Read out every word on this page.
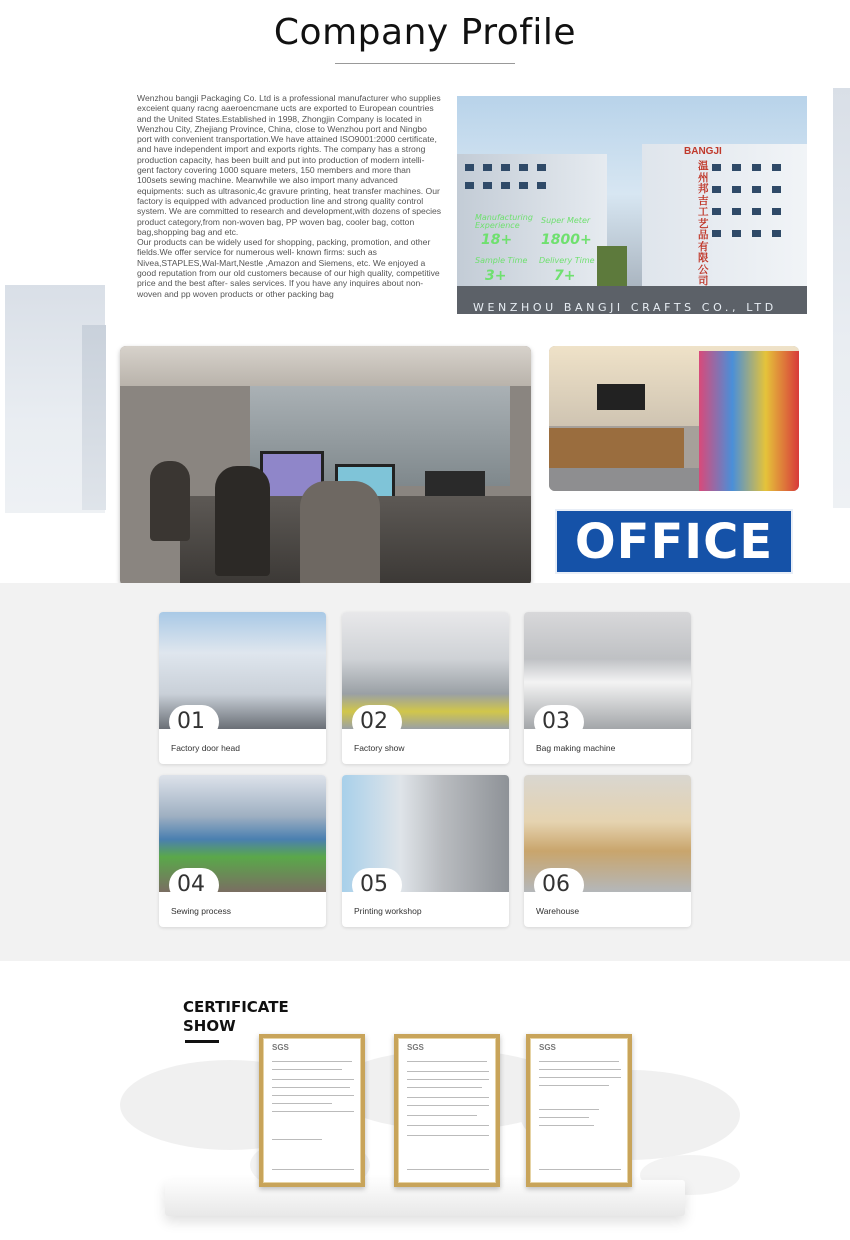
Company Profile

Wenzhou bangji Packaging Co. Ltd is a professional manufacturer who supplies exceient quany racng aaeroencmane ucts are exported to European countries and the United States.Established in 1998, Zhongjin Company is located in Wenzhou City, Zhejiang Province, China, close to Wenzhou port and Ningbo port with convenient transportation.We have attained ISO9001:2000 certificate, and have independent import and exports rights. The company has a strong production capacity, has been built and put into production of modern intelli- gent factory covering 1000 square meters, 150 members and more than 100sets sewing machine. Meanwhile we also import many advanced equipments: such as ultrasonic,4c gravure printing, heat transfer machines. Our factory is equipped with advanced production line and strong quality control system. We are committed to research and development,with dozens of species product category,from non-woven bag, PP woven bag, cooler bag, cotton bag,shopping bag and etc.

Our products can be widely used for shopping, packing, promotion, and other fields.We offer service for numerous well- known firms: such as Nivea,STAPLES,Wal-Mart,Nestle ,Amazon and Siemens, etc. We enjoyed a good reputation from our old customers because of our high quality, competitive price and the best after- sales services. If you have any inquires about non-woven and pp woven products or other packing bag

BANGJI
温州邦吉工艺品有限公司
Manufacturing Experience
18+
Super Meter
1800+
Sample Time
3+
Delivery Time
7+
WENZHOU BANGJI CRAFTS CO., LTD
OFFICE
01
Factory door head
02
Factory show
03
Bag making machine
04
Sewing process
05
Printing workshop
06
Warehouse
CERTIFICATE
SHOW
SGS	SGS	SGS
